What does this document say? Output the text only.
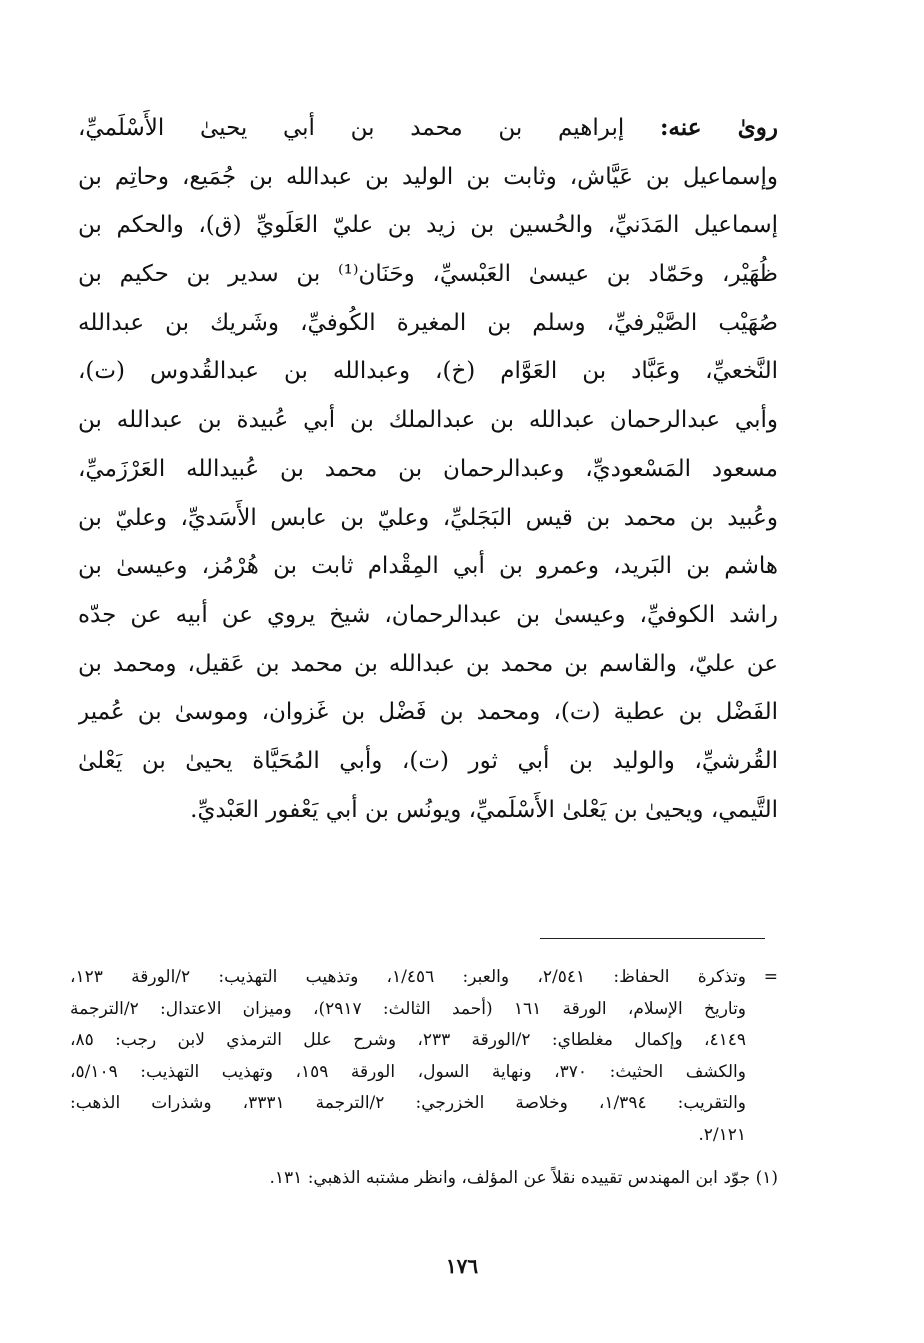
روىٰ عنه: إبراهيم بن محمد بن أبي يحيىٰ الأَسْلَميِّ،
وإسماعيل بن عَيَّاش، وثابت بن الوليد بن عبدالله بن جُمَيع، وحاتِم بن
إسماعيل المَدَنيِّ، والحُسين بن زيد بن عليّ العَلَويِّ (ق)، والحكم بن
ظُهَيْر، وحَمّاد بن عيسىٰ العَبْسيِّ، وحَنَان⁽¹⁾ بن سدير بن حكيم بن
صُهَيْب الصَّيْرفيِّ، وسلم بن المغيرة الكُوفيِّ، وشَريك بن عبدالله
النَّخعيِّ، وعَبَّاد بن العَوَّام (خ)، وعبدالله بن عبدالقُدوس (ت)،
وأبي عبدالرحمان عبدالله بن عبدالملك بن أبي عُبيدة بن عبدالله بن
مسعود المَسْعوديِّ، وعبدالرحمان بن محمد بن عُبيدالله العَرْزَميِّ،
وعُبيد بن محمد بن قيس البَجَليِّ، وعليّ بن عابس الأَسَديِّ، وعليّ بن
هاشم بن البَريد، وعمرو بن أبي المِقْدام ثابت بن هُرْمُز، وعيسىٰ بن
راشد الكوفيِّ، وعيسىٰ بن عبدالرحمان، شيخ يروي عن أبيه عن جدّه
عن عليّ، والقاسم بن محمد بن عبدالله بن محمد بن عَقيل، ومحمد بن
الفَضْل بن عطية (ت)، ومحمد بن فَضْل بن غَزوان، وموسىٰ بن عُمير
القُرشيِّ، والوليد بن أبي ثور (ت)، وأبي المُحَيَّاة يحيىٰ بن يَعْلىٰ
التَّيمي، ويحيىٰ بن يَعْلىٰ الأَسْلَميِّ، ويونُس بن أبي يَعْفور العَبْديِّ.
=
وتذكرة الحفاظ: ٢/٥٤١، والعبر: ١/٤٥٦، وتذهيب التهذيب: ٢/الورقة ١٢٣،
وتاريخ الإسلام، الورقة ١٦١ (أحمد الثالث: ٢٩١٧)، وميزان الاعتدال: ٢/الترجمة
٤١٤٩، وإكمال مغلطاي: ٢/الورقة ٢٣٣، وشرح علل الترمذي لابن رجب: ٨٥،
والكشف الحثيث: ٣٧٠، ونهاية السول، الورقة ١٥٩، وتهذيب التهذيب: ٥/١٠٩،
والتقريب: ١/٣٩٤، وخلاصة الخزرجي: ٢/الترجمة ٣٣٣١، وشذرات الذهب:
٢/١٢١.
(١) جوّد ابن المهندس تقييده نقلاً عن المؤلف، وانظر مشتبه الذهبي: ١٣١.
١٧٦
